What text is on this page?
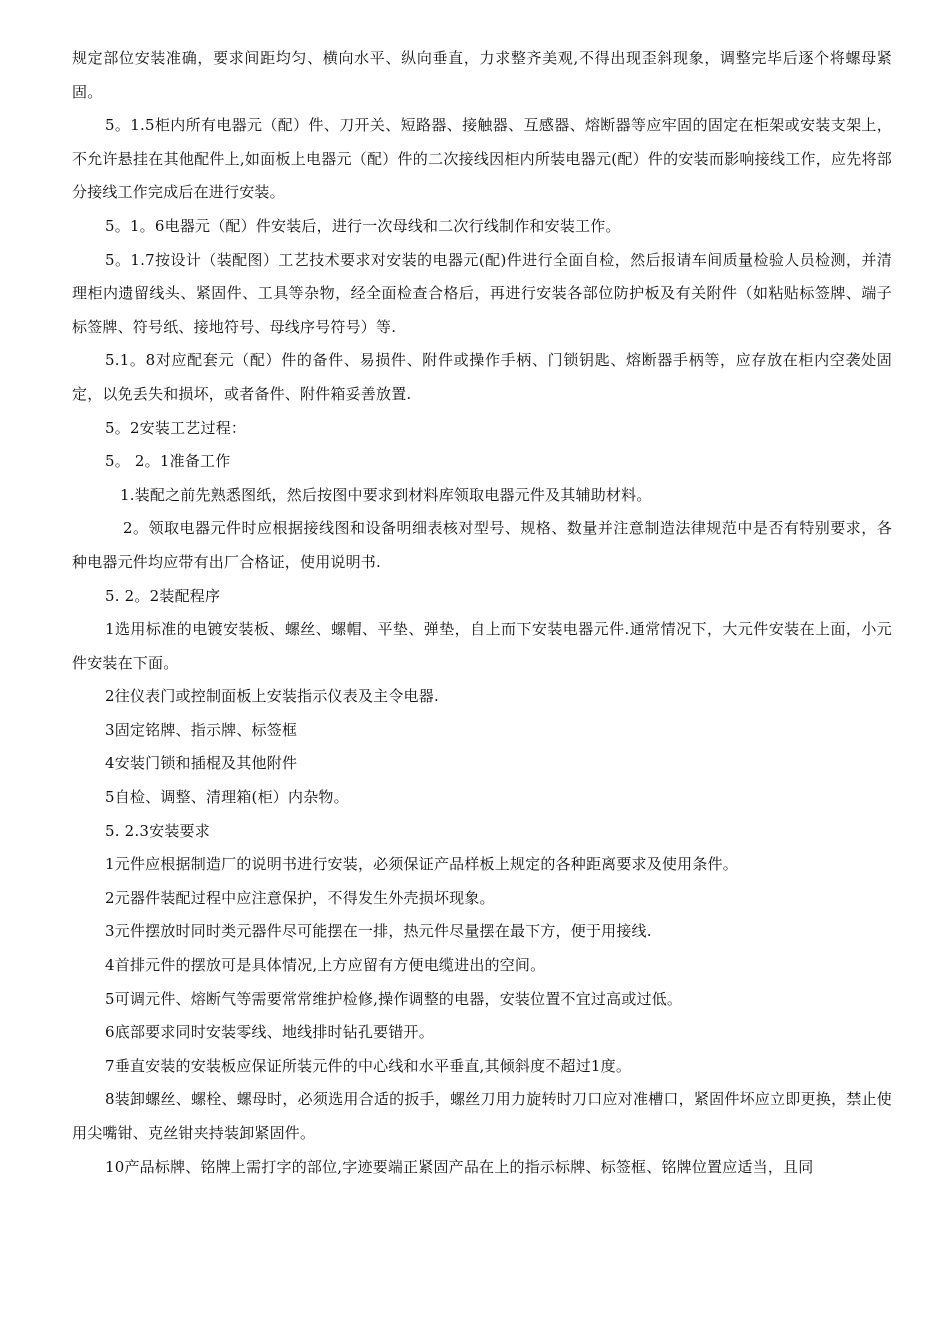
规定部位安装准确，要求间距均匀、横向水平、纵向垂直，力求整齐美观,不得出现歪斜现象，调整完毕后逐个将螺母紧固。

5。1.5柜内所有电器元（配）件、刀开关、短路器、接触器、互感器、熔断器等应牢固的固定在柜架或安装支架上，不允许悬挂在其他配件上,如面板上电器元（配）件的二次接线因柜内所装电器元(配）件的安装而影响接线工作，应先将部分接线工作完成后在进行安装。

5。1。6电器元（配）件安装后，进行一次母线和二次行线制作和安装工作。

5。1.7按设计（装配图）工艺技术要求对安装的电器元(配)件进行全面自检，然后报请车间质量检验人员检测，并清理柜内遗留线头、紧固件、工具等杂物，经全面检查合格后，再进行安装各部位防护板及有关附件（如粘贴标签牌、端子标签牌、符号纸、接地符号、母线序号符号）等.

5.1。8对应配套元（配）件的备件、易损件、附件或操作手柄、门锁钥匙、熔断器手柄等，应存放在柜内空袭处固定，以免丢失和损坏，或者备件、附件箱妥善放置.

5。2安装工艺过程：

5。 2。1准备工作

1.装配之前先熟悉图纸，然后按图中要求到材料库领取电器元件及其辅助材料。

2。领取电器元件时应根据接线图和设备明细表核对型号、规格、数量并注意制造法律规范中是否有特别要求，各种电器元件均应带有出厂合格证，使用说明书.

5. 2。2装配程序

1选用标准的电镀安装板、螺丝、螺帽、平垫、弹垫，自上而下安装电器元件.通常情况下，大元件安装在上面，小元件安装在下面。

2往仪表门或控制面板上安装指示仪表及主令电器.

3固定铭牌、指示牌、标签框

4安装门锁和插棍及其他附件

5自检、调整、清理箱(柜）内杂物。

5. 2.3安装要求

1元件应根据制造厂的说明书进行安装，必须保证产品样板上规定的各种距离要求及使用条件。

2元器件装配过程中应注意保护，不得发生外壳损坏现象。

3元件摆放时同时类元器件尽可能摆在一排，热元件尽量摆在最下方，便于用接线.

4首排元件的摆放可是具体情况,上方应留有方便电缆进出的空间。

5可调元件、熔断气等需要常常维护检修,操作调整的电器，安装位置不宜过高或过低。

6底部要求同时安装零线、地线排时钻孔要错开。

7垂直安装的安装板应保证所装元件的中心线和水平垂直,其倾斜度不超过1度。

8装卸螺丝、螺栓、螺母时，必须选用合适的扳手，螺丝刀用力旋转时刀口应对准槽口，紧固件坏应立即更换，禁止使用尖嘴钳、克丝钳夹持装卸紧固件。

10产品标牌、铭牌上需打字的部位,字迹要端正紧固产品在上的指示标牌、标签框、铭牌位置应适当，且同
